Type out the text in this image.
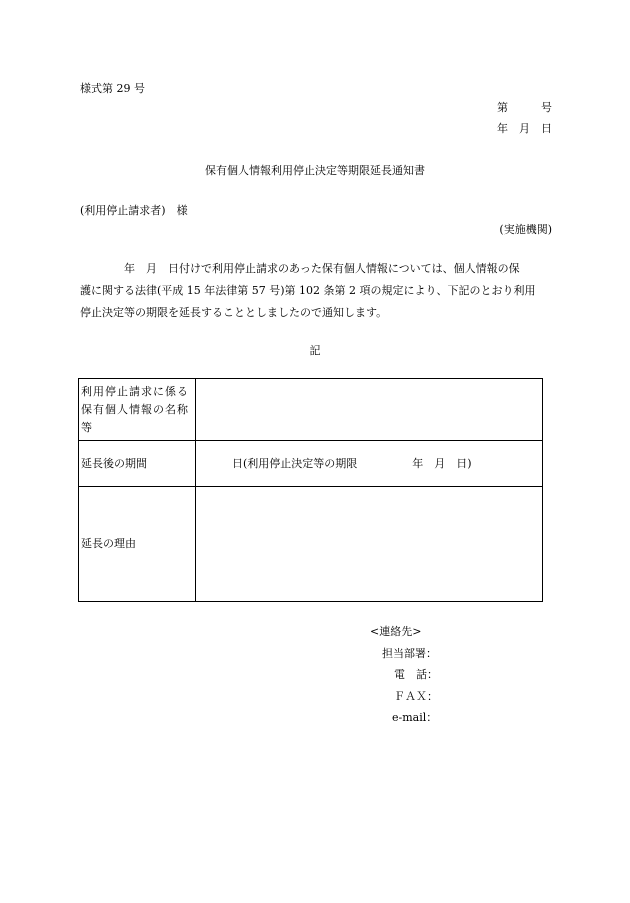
様式第 29 号
第　　　号
年　月　日
保有個人情報利用停止決定等期限延長通知書
(利用停止請求者)　様
(実施機関)
年　月　日付けで利用停止請求のあった保有個人情報については、個人情報の保
護に関する法律(平成 15 年法律第 57 号)第 102 条第 2 項の規定により、下記のとおり利用
停止決定等の期限を延長することとしましたので通知します。
記
利用停止請求に係る
保有個人情報の名称
等	

延長後の期間	日(利用停止決定等の期限　　　　　年　月　日)
延長の理由	
<連絡先>
担当部署：
電　話：
ＦＡＸ：
e-mail：
